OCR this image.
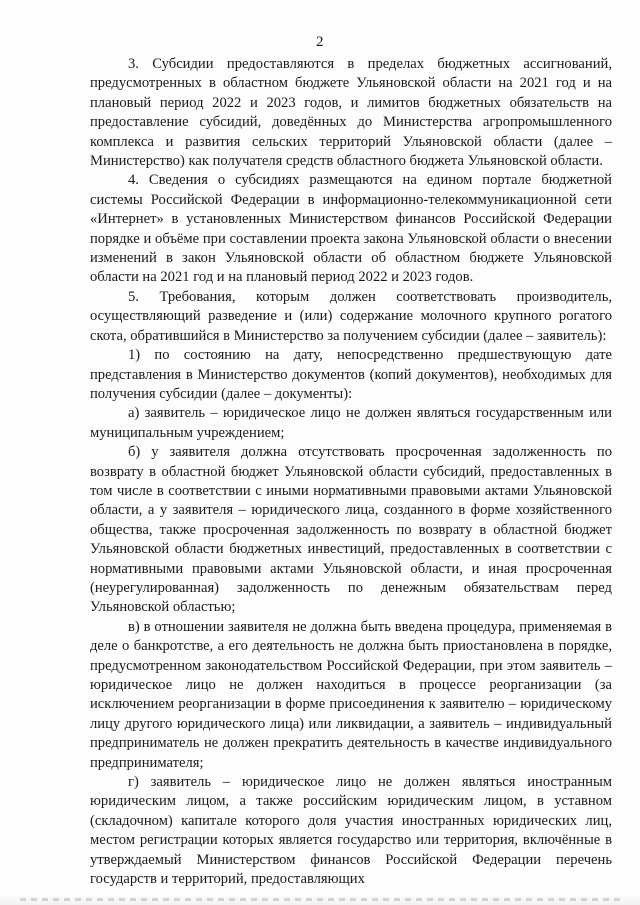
2

3. Субсидии предоставляются в пределах бюджетных ассигнований, предусмотренных в областном бюджете Ульяновской области на 2021 год и на плановый период 2022 и 2023 годов, и лимитов бюджетных обязательств на предоставление субсидий, доведённых до Министерства агропромышленного комплекса и развития сельских территорий Ульяновской области (далее – Министерство) как получателя средств областного бюджета Ульяновской области.

4. Сведения о субсидиях размещаются на едином портале бюджетной системы Российской Федерации в информационно-телекоммуникационной сети «Интернет» в установленных Министерством финансов Российской Федерации порядке и объёме при составлении проекта закона Ульяновской области о внесении изменений в закон Ульяновской области об областном бюджете Ульяновской области на 2021 год и на плановый период 2022 и 2023 годов.

5. Требования, которым должен соответствовать производитель, осуществляющий разведение и (или) содержание молочного крупного рогатого скота, обратившийся в Министерство за получением субсидии (далее – заявитель):

1) по состоянию на дату, непосредственно предшествующую дате представления в Министерство документов (копий документов), необходимых для получения субсидии (далее – документы):

а) заявитель – юридическое лицо не должен являться государственным или муниципальным учреждением;

б) у заявителя должна отсутствовать просроченная задолженность по возврату в областной бюджет Ульяновской области субсидий, предоставленных в том числе в соответствии с иными нормативными правовыми актами Ульяновской области, а у заявителя – юридического лица, созданного в форме хозяйственного общества, также просроченная задолженность по возврату в областной бюджет Ульяновской области бюджетных инвестиций, предоставленных в соответствии с нормативными правовыми актами Ульяновской области, и иная просроченная (неурегулированная) задолженность по денежным обязательствам перед Ульяновской областью;

в) в отношении заявителя не должна быть введена процедура, применяемая в деле о банкротстве, а его деятельность не должна быть приостановлена в порядке, предусмотренном законодательством Российской Федерации, при этом заявитель – юридическое лицо не должен находиться в процессе реорганизации (за исключением реорганизации в форме присоединения к заявителю – юридическому лицу другого юридического лица) или ликвидации, а заявитель – индивидуальный предприниматель не должен прекратить деятельность в качестве индивидуального предпринимателя;

г) заявитель – юридическое лицо не должен являться иностранным юридическим лицом, а также российским юридическим лицом, в уставном (складочном) капитале которого доля участия иностранных юридических лиц, местом регистрации которых является государство или территория, включённые в утверждаемый Министерством финансов Российской Федерации перечень государств и территорий, предоставляющих
